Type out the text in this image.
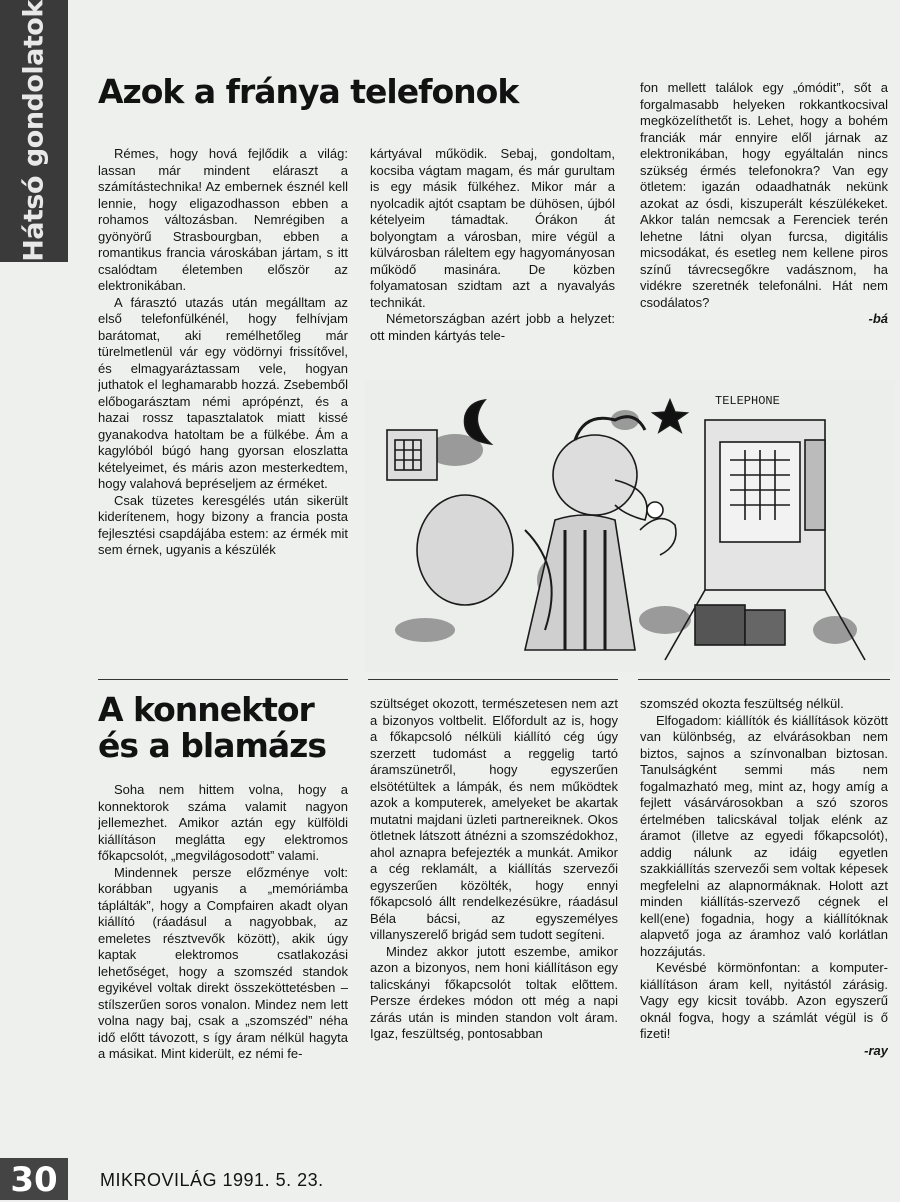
Hátsó gondolatok Azok a fránya telefonok

Rémes, hogy hová fejlődik a világ: lassan már mindent eláraszt a számítástechnika! Az embernek észnél kell lennie, hogy eligazodhasson ebben a rohamos változásban. Nemrégiben a gyönyörű Strasbourgban, ebben a romantikus francia városkában jártam, s itt csalódtam életemben először az elektronikában.

A fárasztó utazás után megálltam az első telefonfülkénél, hogy felhívjam barátomat, aki remélhetőleg már türelmetlenül vár egy vödörnyi frissítővel, és elmagyaráztassam vele, hogyan juthatok el leghamarabb hozzá. Zsebemből előbogarásztam némi aprópénzt, és a hazai rossz tapasztalatok miatt kissé gyanakodva hatoltam be a fülkébe. Ám a kagylóból búgó hang gyorsan eloszlatta kételyeimet, és máris azon mesterkedtem, hogy valahová bepréseljem az érméket.

Csak tüzetes keresgélés után sikerült kiderítenem, hogy bizony a francia posta fejlesztési csapdájába estem: az érmék mit sem érnek, ugyanis a készülék

kártyával működik. Sebaj, gondoltam, kocsiba vágtam magam, és már gurultam is egy másik fülkéhez. Mikor már a nyolcadik ajtót csaptam be dühösen, újból kételyeim támadtak. Órákon át bolyongtam a városban, mire végül a külvárosban ráleltem egy hagyományosan működő masinára. De közben folyamatosan szidtam azt a nyavalyás technikát.

Németországban azért jobb a helyzet: ott minden kártyás tele-

fon mellett találok egy „ómódit”, sőt a forgalmasabb helyeken rokkantkocsival megközelíthetőt is. Lehet, hogy a bohém franciák már ennyire elől járnak az elektronikában, hogy egyáltalán nincs szükség érmés telefonokra? Van egy ötletem: igazán odaadhatnák nekünk azokat az ósdi, kiszuperált készülékeket. Akkor talán nemcsak a Ferenciek terén lehetne látni olyan furcsa, digitális micsodákat, és esetleg nem kellene piros színű távrecsegőkre vadásznom, ha vidékre szeretnék telefonálni. Hát nem csodálatos?

-bá

TELEPHONE
A konnektor és a blamázs

Soha nem hittem volna, hogy a konnektorok száma valamit nagyon jellemezhet. Amikor aztán egy külföldi kiállításon meglátta egy elektromos főkapcsolót, „megvilágosodott” valami.

Mindennek persze előzménye volt: korábban ugyanis a „memóriámba táplálták”, hogy a Compfairen akadt olyan kiállító (ráadásul a nagyobbak, az emeletes résztvevők között), akik úgy kaptak elektromos csatlakozási lehetőséget, hogy a szomszéd standok egyikével voltak direkt összeköttetésben – stílszerűen soros vonalon. Mindez nem lett volna nagy baj, csak a „szomszéd” néha idő előtt távozott, s így áram nélkül hagyta a másikat. Mint kiderült, ez némi fe-

szültséget okozott, természetesen nem azt a bizonyos voltbelit. Előfordult az is, hogy a főkapcsoló nélküli kiállító cég úgy szerzett tudomást a reggelig tartó áramszünetről, hogy egyszerűen elsötétültek a lámpák, és nem működtek azok a komputerek, amelyeket be akartak mutatni majdani üzleti partnereiknek. Okos ötletnek látszott átnézni a szomszédokhoz, ahol aznapra befejezték a munkát. Amikor a cég reklamált, a kiállítás szervezői egyszerűen közölték, hogy ennyi főkapcsoló állt rendelkezésükre, ráadásul Béla bácsi, az egyszemélyes villanyszerelő brigád sem tudott segíteni.

Mindez akkor jutott eszembe, amikor azon a bizonyos, nem honi kiállításon egy talicskányi főkapcsolót toltak elõttem. Persze érdekes módon ott még a napi zárás után is minden standon volt áram. Igaz, feszültség, pontosabban

szomszéd okozta feszültség nélkül.

Elfogadom: kiállítók és kiállítások között van különbség, az elvárásokban nem biztos, sajnos a színvonalban biztosan. Tanulságként semmi más nem fogalmazható meg, mint az, hogy amíg a fejlett vásárvárosokban a szó szoros értelmében talicskával toljak elénk az áramot (illetve az egyedi főkapcsolót), addig nálunk az idáig egyetlen szakkiállítás szervezői sem voltak képesek megfelelni az alapnormáknak. Holott azt minden kiállítás-szervező cégnek el kell(ene) fogadnia, hogy a kiállítóknak alapvető joga az áramhoz való korlátlan hozzájutás.

Kevésbé körmönfontan: a komputer-kiállításon áram kell, nyitástól zárásig. Vagy egy kicsit tovább. Azon egyszerű oknál fogva, hogy a számlát végül is ő fizeti!

-ray

30	MIKROVILÁG 1991. 5. 23.
